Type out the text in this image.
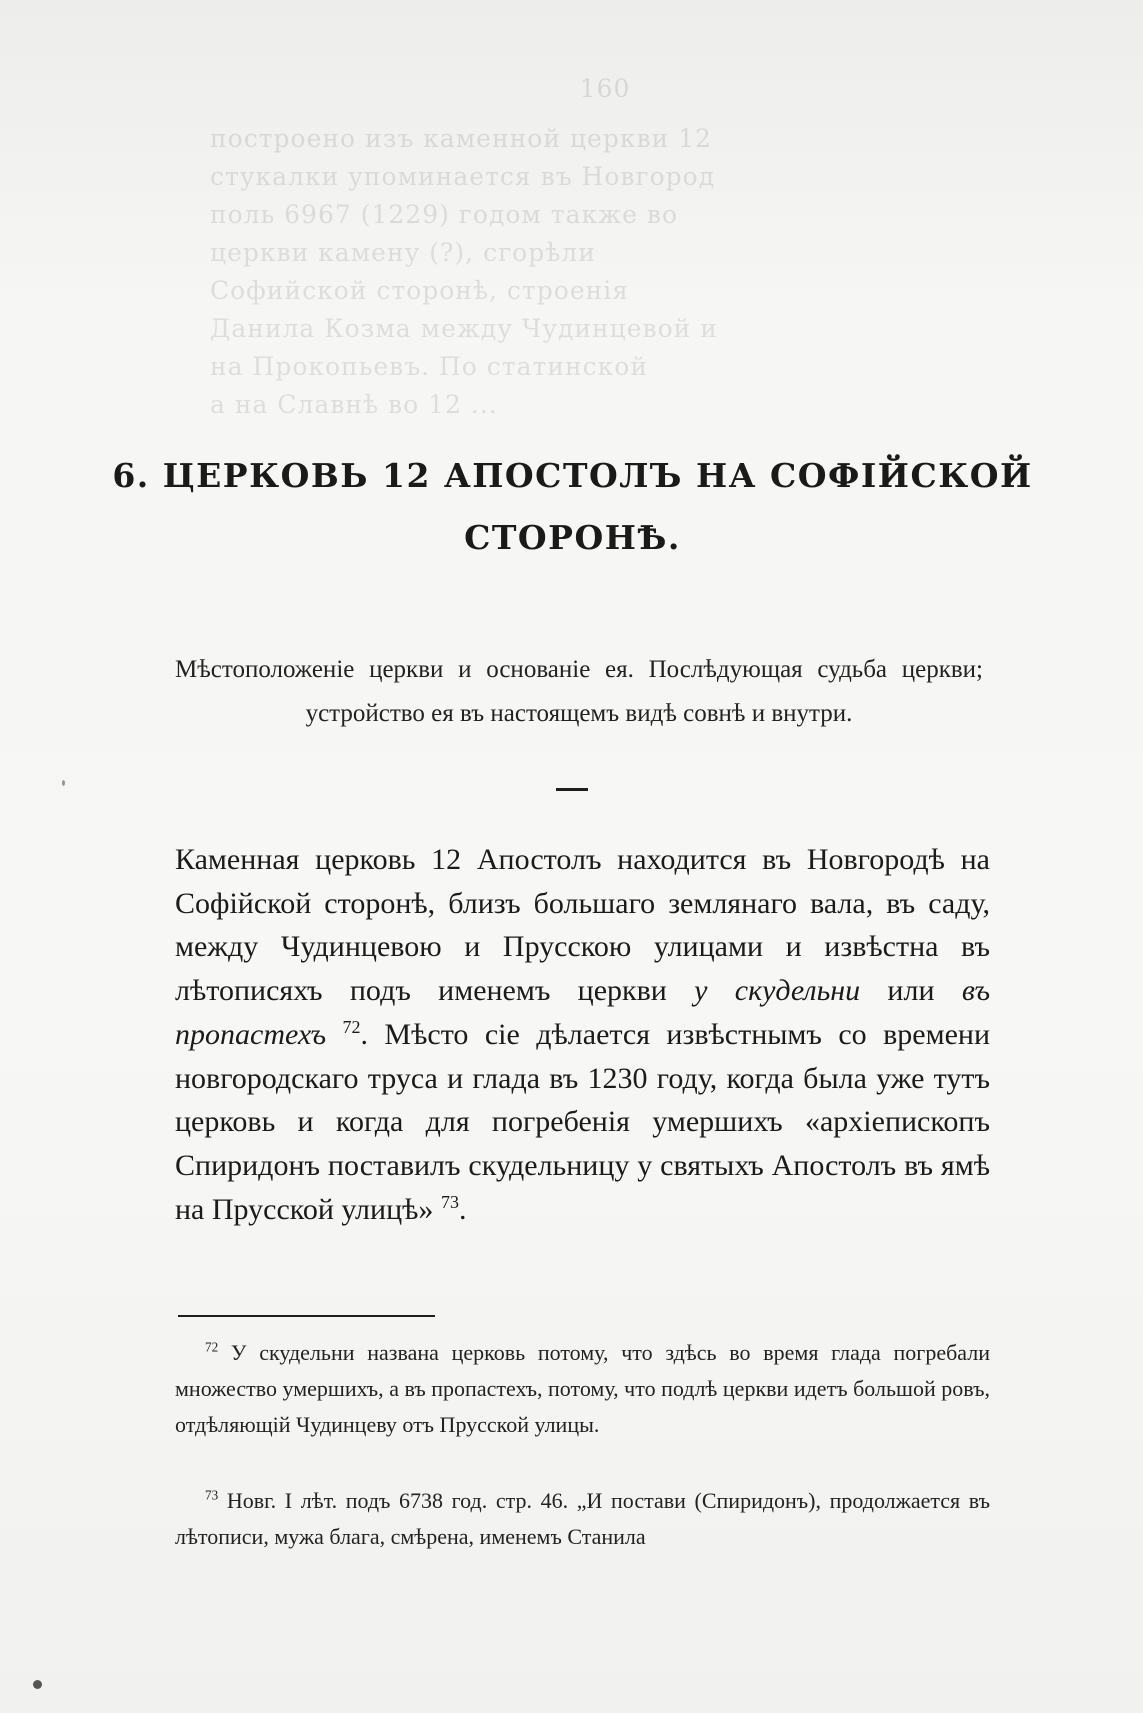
160
построено изъ каменной церкви 12
стукалки упоминается въ Новгород
поль 6967 (1229) годом также во
церкви камену (?), сгорѣли
Софийской сторонѣ, строенія
Данила Козма между Чудинцевой и
на Прокопьевъ. По статинской
а на Славнѣ во 12 ...
6. ЦЕРКОВЬ 12 АПОСТОЛЪ НА СОФІЙСКОЙ
СТОРОНѢ.

Мѣстоположеніе церкви и основаніе ея. Послѣдующая судьба церкви; устройство ея въ настоящемъ видѣ совнѣ и внутри.

Каменная церковь 12 Апостолъ находится въ Новгородѣ на Софійской сторонѣ, близъ большаго землянаго вала, въ саду, между Чудинцевою и Прусскою улицами и извѣстна въ лѣтописяхъ подъ именемъ церкви у скудельни или въ пропастехъ $^{72}$. Мѣсто сіе дѣлается извѣстнымъ со времени новгородскаго труса и глада въ 1230 году, когда была уже тутъ церковь и когда для погребенія умершихъ «архіепископъ Спиридонъ поставилъ скудельницу у святыхъ Апостолъ въ ямѣ на Прусской улицѣ» $^{73}$.

$^{72}$ У скудельни названа церковь потому, что здѣсь во время глада погребали множество умершихъ, а въ пропастехъ, потому, что подлѣ церкви идетъ большой ровъ, отдѣляющій Чудинцеву отъ Прусской улицы.

$^{73}$ Новг. I лѣт. подъ 6738 год. стр. 46. „И постави (Спиридонъ), продолжается въ лѣтописи, мужа блага, смѣрена, именемъ Станила
